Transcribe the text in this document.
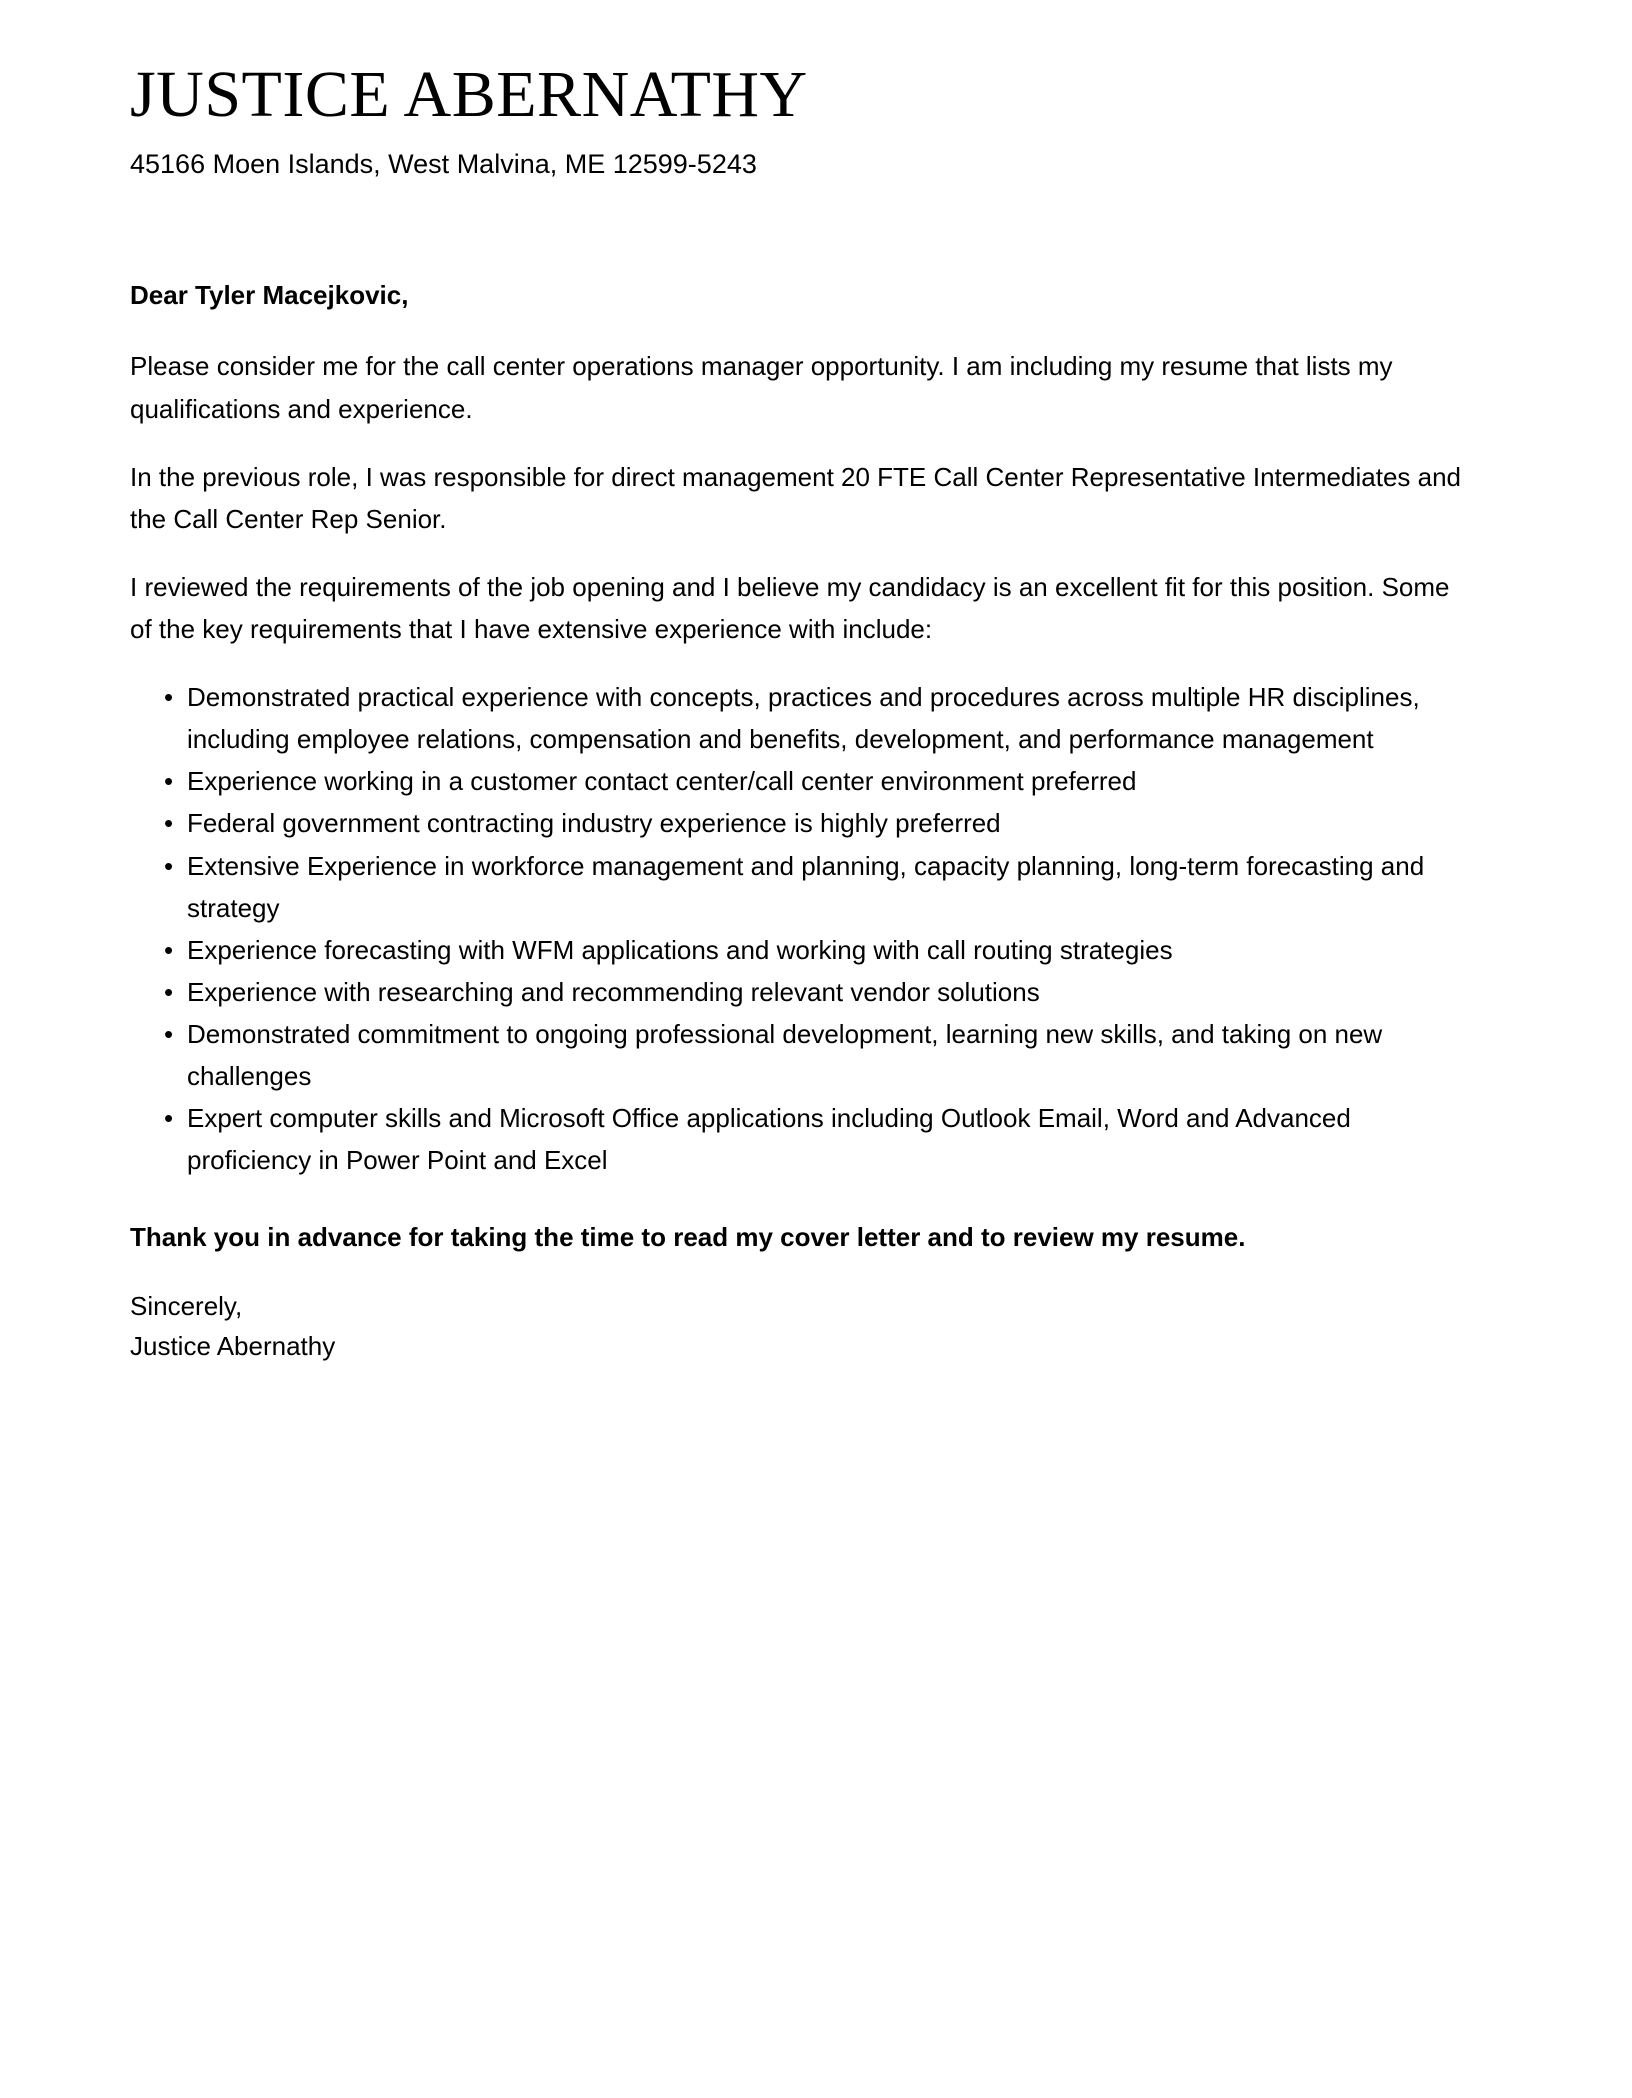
JUSTICE ABERNATHY
45166 Moen Islands, West Malvina, ME 12599-5243

Dear Tyler Macejkovic,

Please consider me for the call center operations manager opportunity. I am including my resume that lists my qualifications and experience.

In the previous role, I was responsible for direct management 20 FTE Call Center Representative Intermediates and the Call Center Rep Senior.

I reviewed the requirements of the job opening and I believe my candidacy is an excellent fit for this position. Some of the key requirements that I have extensive experience with include:

• Demonstrated practical experience with concepts, practices and procedures across multiple HR disciplines, including employee relations, compensation and benefits, development, and performance management
• Experience working in a customer contact center/call center environment preferred
• Federal government contracting industry experience is highly preferred
• Extensive Experience in workforce management and planning, capacity planning, long-term forecasting and strategy
• Experience forecasting with WFM applications and working with call routing strategies
• Experience with researching and recommending relevant vendor solutions
• Demonstrated commitment to ongoing professional development, learning new skills, and taking on new challenges
• Expert computer skills and Microsoft Office applications including Outlook Email, Word and Advanced proficiency in Power Point and Excel

Thank you in advance for taking the time to read my cover letter and to review my resume.

Sincerely,
Justice Abernathy
